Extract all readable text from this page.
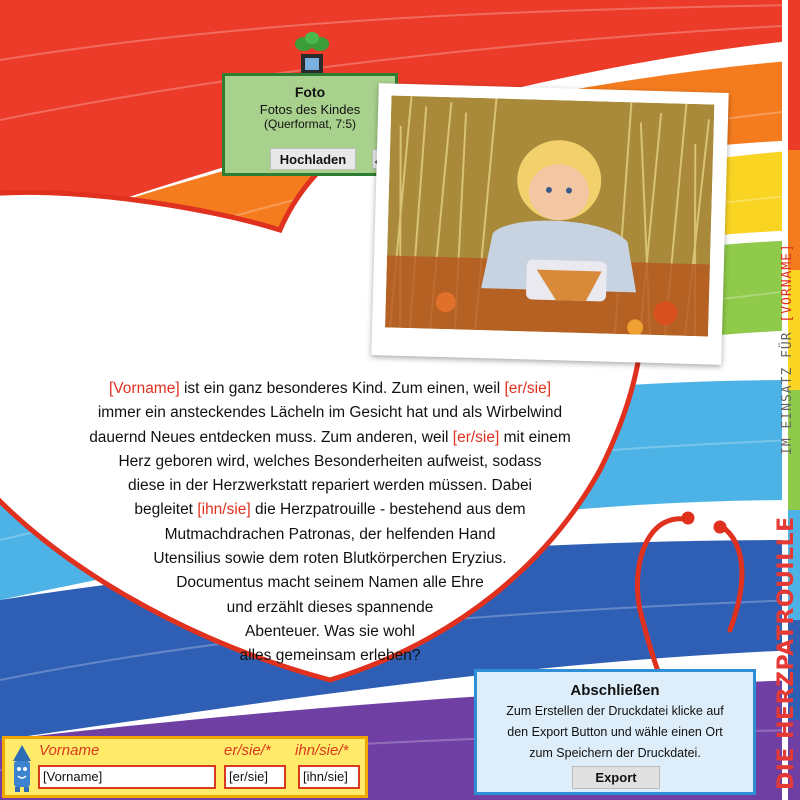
Foto
Fotos des Kindes
(Querformat, 7:5)
Hochladen
[Vorname] ist ein ganz besonderes Kind. Zum einen, weil [er/sie]
immer ein ansteckendes Lächeln im Gesicht hat und als Wirbelwind
dauernd Neues entdecken muss. Zum anderen, weil [er/sie] mit einem
Herz geboren wird, welches Besonderheiten aufweist, sodass
diese in der Herzwerkstatt repariert werden müssen. Dabei
begleitet [ihn/sie] die Herzpatrouille - bestehend aus dem
Mutmachdrachen Patronas, der helfenden Hand
Utensilius sowie dem roten Blutkörperchen Eryzius.
Documentus macht seinem Namen alle Ehre
und erzählt dieses spannende
Abenteuer. Was sie wohl
alles gemeinsam erleben?	DIE HERZPATROUILLE
IM EINSATZ FÜR [VORNAME]
Abschließen
Zum Erstellen der Druckdatei klicke auf
den Export Button und wähle einen Ort
zum Speichern der Druckdatei.
Export
Vorname
[Vorname]
er/sie/*
[er/sie]
ihn/sie/*
[ihn/sie]
